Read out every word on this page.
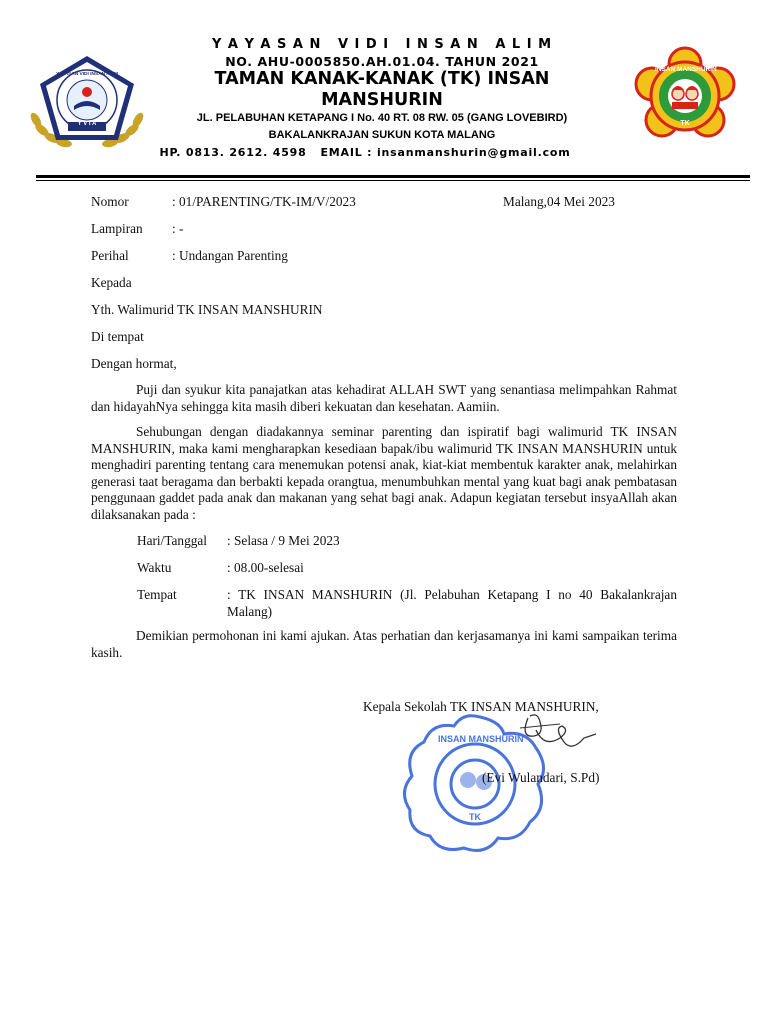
Y V I A
YAYASAN VIDI INSAN ALIM
INSAN MANSHURIN
TK
Y A Y A S A N   V I D I   I N S A N   A L I M
NO. AHU-0005850.AH.01.04. TAHUN 2021
TAMAN KANAK-KANAK (TK) INSAN
MANSHURIN
JL. PELABUHAN KETAPANG I No. 40 RT. 08 RW. 05 (GANG LOVEBIRD)
BAKALANKRAJAN SUKUN KOTA MALANG
HP. 0813. 2612. 4598   EMAIL : insanmanshurin@gmail.com
Nomor	: 01/PARENTING/TK-IM/V/2023	Malang,04 Mei 2023
Lampiran : -
Perihal	: Undangan Parenting
Kepada
Yth. Walimurid TK INSAN MANSHURIN
Di tempat
Dengan hormat,
Puji dan syukur kita panajatkan atas kehadirat ALLAH SWT yang senantiasa melimpahkan Rahmat dan hidayahNya sehingga kita masih diberi kekuatan dan kesehatan. Aamiin.
Sehubungan dengan diadakannya seminar parenting dan ispiratif bagi walimurid TK INSAN MANSHURIN, maka kami mengharapkan kesediaan bapak/ibu walimurid TK INSAN MANSHURIN untuk menghadiri parenting tentang cara menemukan potensi anak, kiat-kiat membentuk karakter anak, melahirkan generasi taat beragama dan berbakti kepada orangtua, menumbuhkan mental yang kuat bagi anak pembatasan penggunaan gaddet pada anak dan makanan yang sehat bagi anak. Adapun kegiatan tersebut insyaAllah akan dilaksanakan pada :
Hari/Tanggal : Selasa / 9 Mei 2023
Waktu	: 08.00-selesai
Tempat	: TK INSAN MANSHURIN (Jl. Pelabuhan Ketapang I no 40 Bakalankrajan Malang)
Demikian permohonan ini kami ajukan. Atas perhatian dan kerjasamanya ini kami sampaikan terima kasih.
Kepala Sekolah TK INSAN MANSHURIN,
INSAN MANSHURIN
TK
(Evi Wulandari, S.Pd)
